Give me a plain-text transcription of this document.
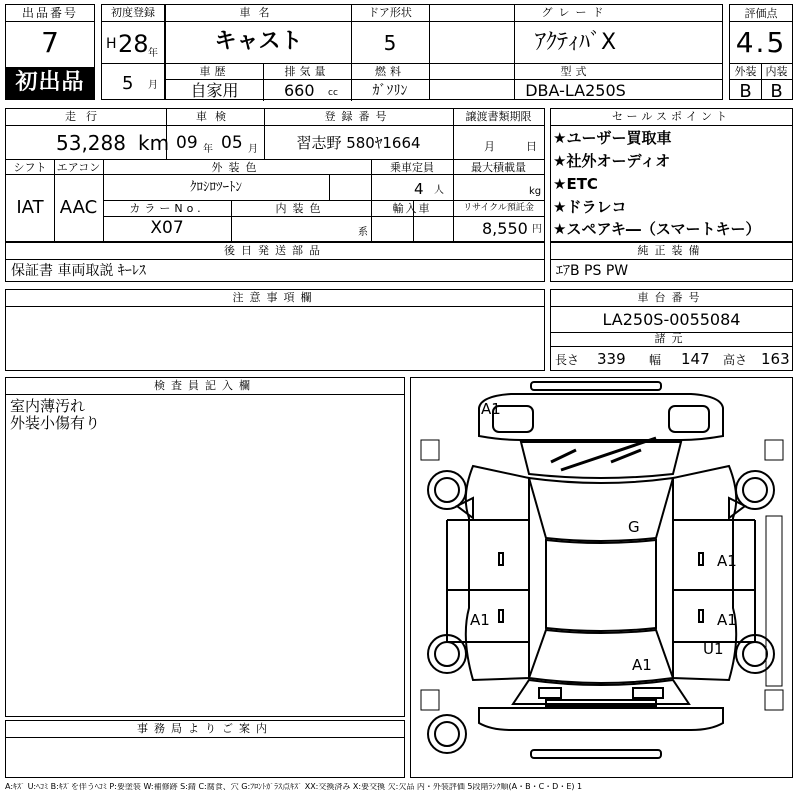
出品番号
7
初出品
初度登録
H 28 年
5 月
車名
キャスト
ドア形状
5
グレード
ｱｸﾃｨﾊﾞX
車歴
自家用
排気量
660 cc
燃料
ｶﾞｿﾘﾝ
型式
DBA-LA250S
評価点
4.5
外装 内装
B	B
走行
53,288 km
車検
09 年 05 月
登録番号
習志野 580ﾔ1664
譲渡書類期限
月	日
シフト
IAT
エアコン
AAC
外装色
ｸﾛｼﾛﾂｰﾄﾝ
乗車定員
4 人
最大積載量
kg
カラーNo.
X07
内装色
系
輸入車	リサイクル預託金
8,550 円
セールスポイント
★ユーザー買取車
★社外オーディオ
★ETC
★ドラレコ
★スペアキ―（スマートキー）
後日発送部品
保証書 車両取説 ｷｰﾚｽ
純正装備
ｴｱB PS PW
注意事項欄	車台番号
LA250S-0055084
諸元
長さ 339 幅 147 高さ 163
検査員記入欄
室内薄汚れ
外装小傷有り
事務局よりご案内
A1
G
A1
A1	A1
U1
A1
A:ｷｽﾞ U:ﾍｺﾐ B:ｷｽﾞを伴うﾍｺﾐ P:要塗装 W:補修跡 S:錆 C:腐食、穴 G:ﾌﾛﾝﾄｶﾞﾗｽ点ｷｽﾞ XX:交換済み X:要交換 欠:欠品 内・外装評価 5段階ﾗﾝｸ順(A・B・C・D・E) 1
